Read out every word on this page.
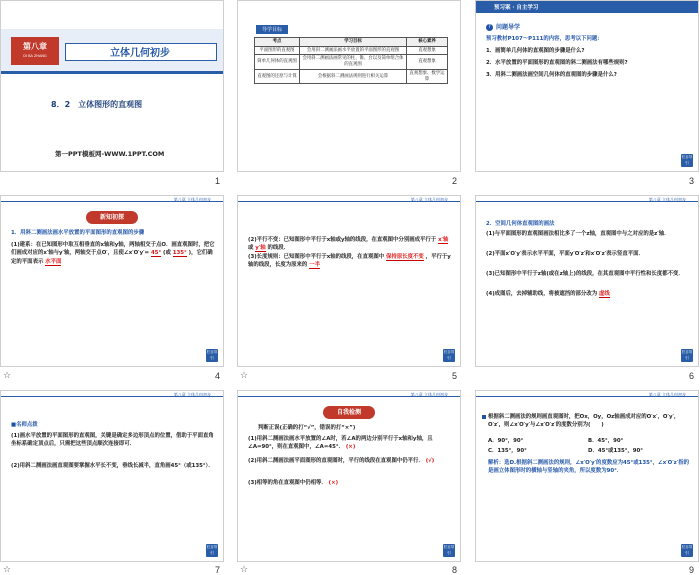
第八章
DI BA ZHANG	立体几何初步
8．2　立体图形的直观图
第一PPT模板网-WWW.1PPT.COM
1
导学目标
考点	学习目标	核心素养
平面图形的直观图	会用斜二测画法画水平放置的平面图形的直观图	直观想象
简单几何体的直观图	会用斜二测画法画常见的柱、锥、台以及简单组合体的直观图	直观想象
直观图的还原与计算	会根据斜二测画法规则进行相关运算	直观想象、数学运算
2
预习案 · 自主学习
? 问题导学
预习教材P107～P111的内容，思考以下问题：
1．画简单几何体的直观图的步骤是什么?
2．水平放置的平面图形的直观图的斜二测画法有哪些规则?
3．用斜二测画法画空间几何体的直观图的步骤是什么?
栏目导引
3
第八章 立体几何初步
新知初探
1．用斜二测画法画水平放置的平面图形的直观图的步骤
(1)建系：在已知图形中取互相垂直的x轴和y轴，两轴相交于点O．画直观图时，把它们画成对应的x′轴与y′轴，两轴交于点O′，且使∠x′O′y′= 45° (或 135° )，它们确定的平面表示 水平面
栏目导引
☆	4
第八章 立体几何初步
(2)平行不变：已知图形中平行于x轴或y轴的线段，在直观图中分别画成平行于 x′轴 或 y′轴 的线段．
(3)长度规则：已知图形中平行于x轴的线段，在直观图中 保持原长度不变 ，平行于y轴的线段，长度为原来的 一半
栏目导引
☆	5
第八章 立体几何初步
2．空间几何体直观图的画法
(1)与平面图形的直观图画法相比多了一个z轴，直观图中与之对应的是z′轴．
(2)平面x′O′y′表示水平平面，平面y′O′z′和x′O′z′表示竖直平面．
(3)已知图形中平行于z轴(或在z轴上)的线段，在其直观图中平行性和长度都不变．
(4)成图后，去掉辅助线，将被遮挡的部分改为 虚线
栏目导引
6
第八章 立体几何初步
■名师点拨
(1)画水平放置的平面图形的直观图，关键是确定多边形顶点的位置，借助于平面直角坐标系确定顶点后，只需把这些顶点顺次连接即可．
(2)用斜二测画法画直观图要掌握水平长不变，垂线长减半，直角画45°（或135°）．
栏目导引
☆	7
第八章 立体几何初步
自我检测
判断正误(正确的打“√”，错误的打“×”)
(1)用斜二测画法画水平放置的∠A时，若∠A的两边分别平行于x轴和y轴，且∠A=90°，则在直观图中，∠A=45°． (×)
(2)用斜二测画法画平面图形的直观图时，平行的线段在直观图中仍平行． (√)
(3)相等的角在直观图中仍相等． (×)
栏目导引
☆	8
第八章 立体几何初步
根据斜二测画法的规则画直观图时，把Ox，Oy，Oz轴画成对应的O′x′，O′y′，O′z′，则∠x′O′y′与∠x′O′z′的度数分别为(　　)
A．90°，90°	B．45°，90°
C．135°，90°	D．45°或135°，90°
解析：选D.根据斜二测画法的规则，∠x′O′y′的度数应为45°或135°，∠x′O′z′指的是画立体图形时的横轴与竖轴的夹角，所以度数为90°．
栏目导引
9
